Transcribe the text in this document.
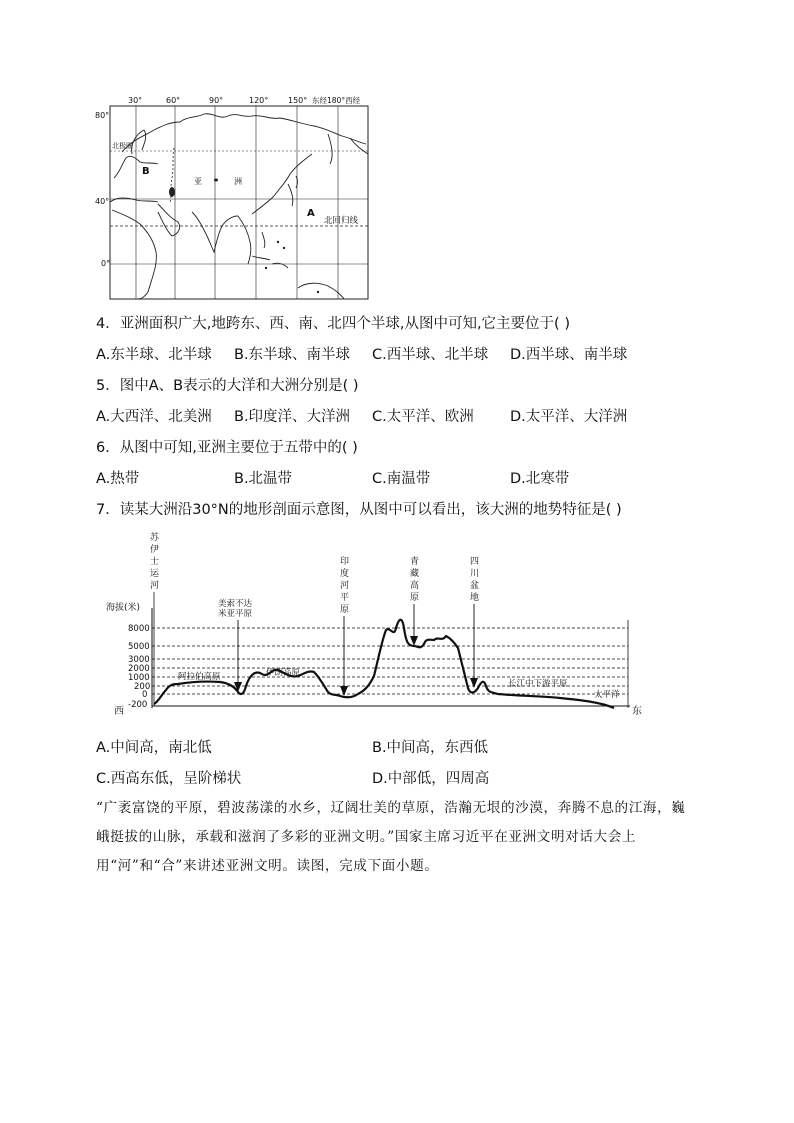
30°	60°	90°	120° 150° 东经180°西经
80°
40°
0°
北极圈
B
亚	洲
A
北回归线
4．亚洲面积广大,地跨东、西、南、北四个半球,从图中可知,它主要位于( )
A.东半球、北半球 B.东半球、南半球 C.西半球、北半球 D.西半球、南半球
5．图中A、B表示的大洋和大洲分别是( )
A.大西洋、北美洲 B.印度洋、大洋洲 C.太平洋、欧洲	D.太平洋、大洋洲
6．从图中可知,亚洲主要位于五带中的( )
A.热带	B.北温带	C.南温带	D.北寒带
7．读某大洲沿30°N的地形剖面示意图，从图中可以看出，该大洲的地势特征是( )
海拔(米)
8000
5000
3000
2000
1000
200
0
-200
西	东
苏
伊
士
运
河
美索不达
米亚平原
阿拉伯高原	伊朗高原
印
度
河
平
原
青
藏
高
原
四
川
盆
地
长江中下游平原
太平洋
A.中间高，南北低	B.中间高，东西低
C.西高东低，呈阶梯状	D.中部低，四周高
“广袤富饶的平原，碧波荡漾的水乡，辽阔壮美的草原，浩瀚无垠的沙漠，奔腾不息的江海，巍峨挺拔的山脉，承载和滋润了多彩的亚洲文明。”国家主席习近平在亚洲文明对话大会上用“河”和“合”来讲述亚洲文明。读图，完成下面小题。
